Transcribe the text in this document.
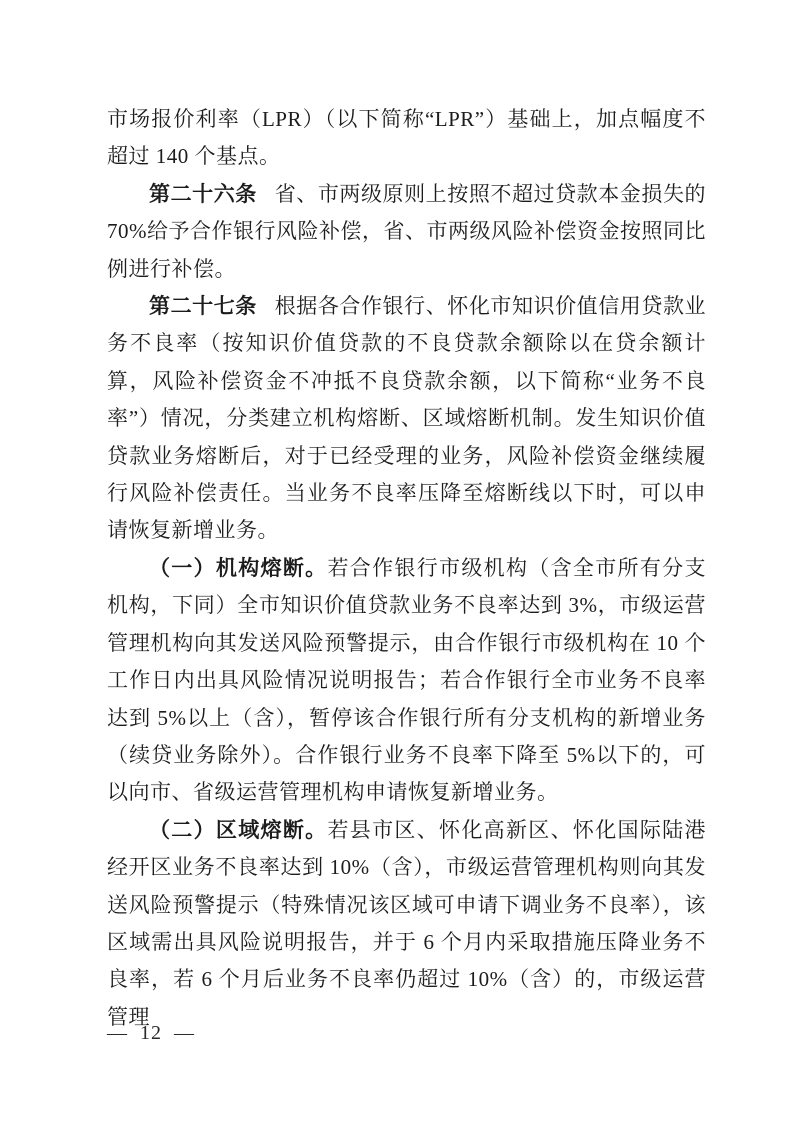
市场报价利率（LPR）（以下简称“LPR”）基础上，加点幅度不超过 140 个基点。

第二十六条 省、市两级原则上按照不超过贷款本金损失的 70%给予合作银行风险补偿，省、市两级风险补偿资金按照同比例进行补偿。

第二十七条 根据各合作银行、怀化市知识价值信用贷款业务不良率（按知识价值贷款的不良贷款余额除以在贷余额计算，风险补偿资金不冲抵不良贷款余额，以下简称“业务不良率”）情况，分类建立机构熔断、区域熔断机制。发生知识价值贷款业务熔断后，对于已经受理的业务，风险补偿资金继续履行风险补偿责任。当业务不良率压降至熔断线以下时，可以申请恢复新增业务。

（一）机构熔断。若合作银行市级机构（含全市所有分支机构，下同）全市知识价值贷款业务不良率达到 3%，市级运营管理机构向其发送风险预警提示，由合作银行市级机构在 10 个工作日内出具风险情况说明报告；若合作银行全市业务不良率达到 5%以上（含），暂停该合作银行所有分支机构的新增业务（续贷业务除外）。合作银行业务不良率下降至 5%以下的，可以向市、省级运营管理机构申请恢复新增业务。

（二）区域熔断。若县市区、怀化高新区、怀化国际陆港经开区业务不良率达到 10%（含），市级运营管理机构则向其发送风险预警提示（特殊情况该区域可申请下调业务不良率），该区域需出具风险说明报告，并于 6 个月内采取措施压降业务不良率，若 6 个月后业务不良率仍超过 10%（含）的，市级运营管理

—  12  —
